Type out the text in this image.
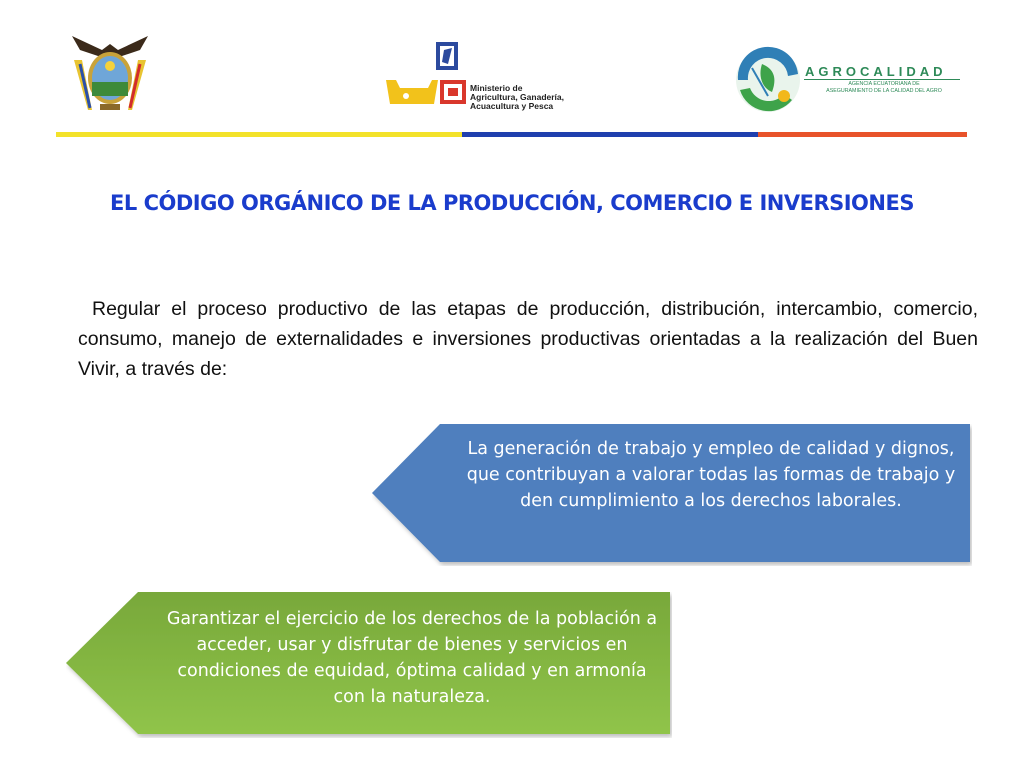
Ministerio de
Agricultura, Ganadería,
Acuacultura y Pesca
AGROCALIDAD
AGENCIA ECUATORIANA DE
ASEGURAMIENTO DE LA CALIDAD DEL AGRO
EL CÓDIGO ORGÁNICO DE LA PRODUCCIÓN, COMERCIO E INVERSIONES
Regular el proceso productivo de las etapas de producción, distribución, intercambio, comercio, consumo, manejo de externalidades e inversiones productivas orientadas a la realización del Buen Vivir, a través de:
La generación de trabajo y empleo de calidad y dignos, que contribuyan a valorar todas las formas de trabajo y den cumplimiento a los derechos laborales.
Garantizar el ejercicio de los derechos de la población a acceder, usar y disfrutar de bienes y servicios en condiciones de equidad, óptima calidad y en armonía con la naturaleza.
